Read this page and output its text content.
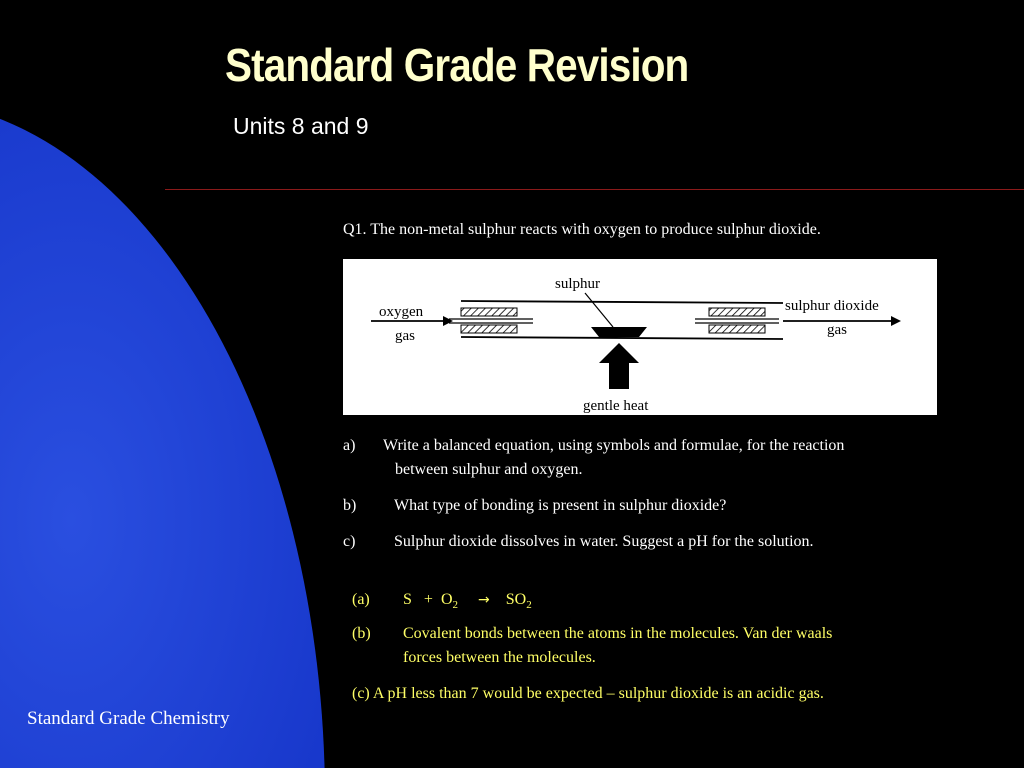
Standard Grade Revision
Units 8 and 9
Q1. The non-metal sulphur reacts with oxygen to produce sulphur dioxide.
sulphur
oxygen
gas
sulphur dioxide
gas
gentle heat
a) Write a balanced equation, using symbols and formulae, for the reaction
between sulphur and oxygen.
b) What type of bonding is present in sulphur dioxide?
c) Sulphur dioxide dissolves in water. Suggest a pH for the solution.
(a) $S + O_2 \to SO_2$
(b) Covalent bonds between the atoms in the molecules. Van der waals
forces between the molecules.
(c) A pH less than 7 would be expected – sulphur dioxide is an acidic gas.
Standard Grade Chemistry
